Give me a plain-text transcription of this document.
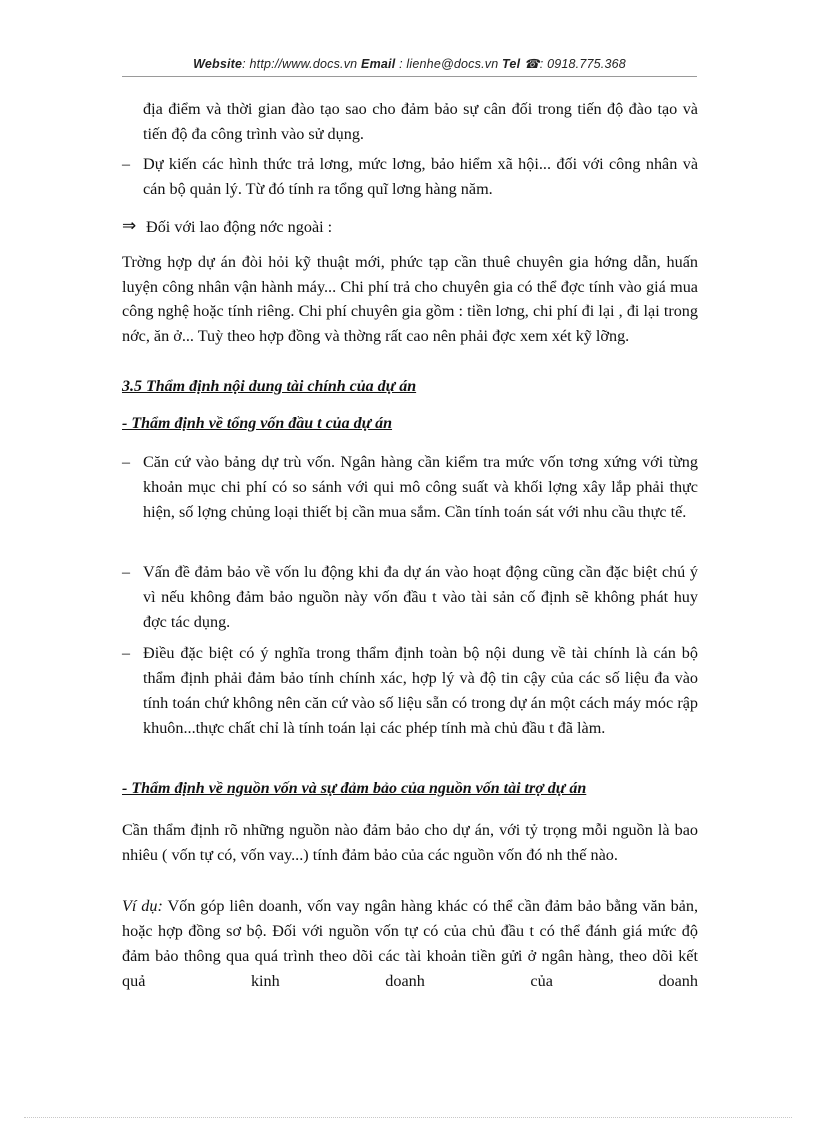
Website: http://www.docs.vn Email : lienhe@docs.vn Tel ☎: 0918.775.368
địa điểm và thời gian đào tạo sao cho đảm bảo sự cân đối trong tiến độ đào tạo và tiến độ đa công trình vào sử dụng.
– Dự kiến các hình thức trả lơng, mức lơng, bảo hiểm xã hội... đối với công nhân và cán bộ quản lý. Từ đó tính ra tổng quĩ lơng hàng năm.
⇒ Đối với lao động nớc ngoài :
Trờng hợp dự án đòi hỏi kỹ thuật mới, phức tạp cần thuê chuyên gia hớng dẫn, huấn luyện công nhân vận hành máy... Chi phí trả cho chuyên gia có thể đợc tính vào giá mua công nghệ hoặc tính riêng. Chi phí chuyên gia gồm : tiền lơng, chi phí đi lại , đi lại trong nớc, ăn ở... Tuỳ theo hợp đồng và thờng rất cao nên phải đợc xem xét kỹ lỡng.
3.5 Thẩm định nội dung tài chính của dự án
- Thẩm định về tổng vốn đầu t của dự án
– Căn cứ vào bảng dự trù vốn. Ngân hàng cần kiểm tra mức vốn tơng xứng với từng khoản mục chi phí có so sánh với qui mô công suất và khối lợng xây lắp phải thực hiện, số lợng chủng loại thiết bị cần mua sắm. Cần tính toán sát với nhu cầu thực tế.
– Vấn đề đảm bảo về vốn lu động khi đa dự án vào hoạt động cũng cần đặc biệt chú ý vì nếu không đảm bảo nguồn này vốn đầu t vào tài sản cố định sẽ không phát huy đợc tác dụng.
– Điều đặc biệt có ý nghĩa trong thẩm định toàn bộ nội dung về tài chính là cán bộ thẩm định phải đảm bảo tính chính xác, hợp lý và độ tin cậy của các số liệu đa vào tính toán chứ không nên căn cứ vào số liệu sẵn có trong dự án một cách máy móc rập khuôn...thực chất chỉ là tính toán lại các phép tính mà chủ đầu t đã làm.
- Thẩm định về nguồn vốn và sự đảm bảo của nguồn vốn tài trợ dự án
Cần thẩm định rõ những nguồn nào đảm bảo cho dự án, với tỷ trọng mỗi nguồn là bao nhiêu ( vốn tự có, vốn vay...) tính đảm bảo của các nguồn vốn đó nh thế nào.
Ví dụ: Vốn góp liên doanh, vốn vay ngân hàng khác có thể cần đảm bảo bằng văn bản, hoặc hợp đồng sơ bộ. Đối với nguồn vốn tự có của chủ đầu t có thể đánh giá mức độ đảm bảo thông qua quá trình theo dõi các tài khoản tiền gửi ở ngân hàng, theo dõi kết quả kinh doanh của doanh
